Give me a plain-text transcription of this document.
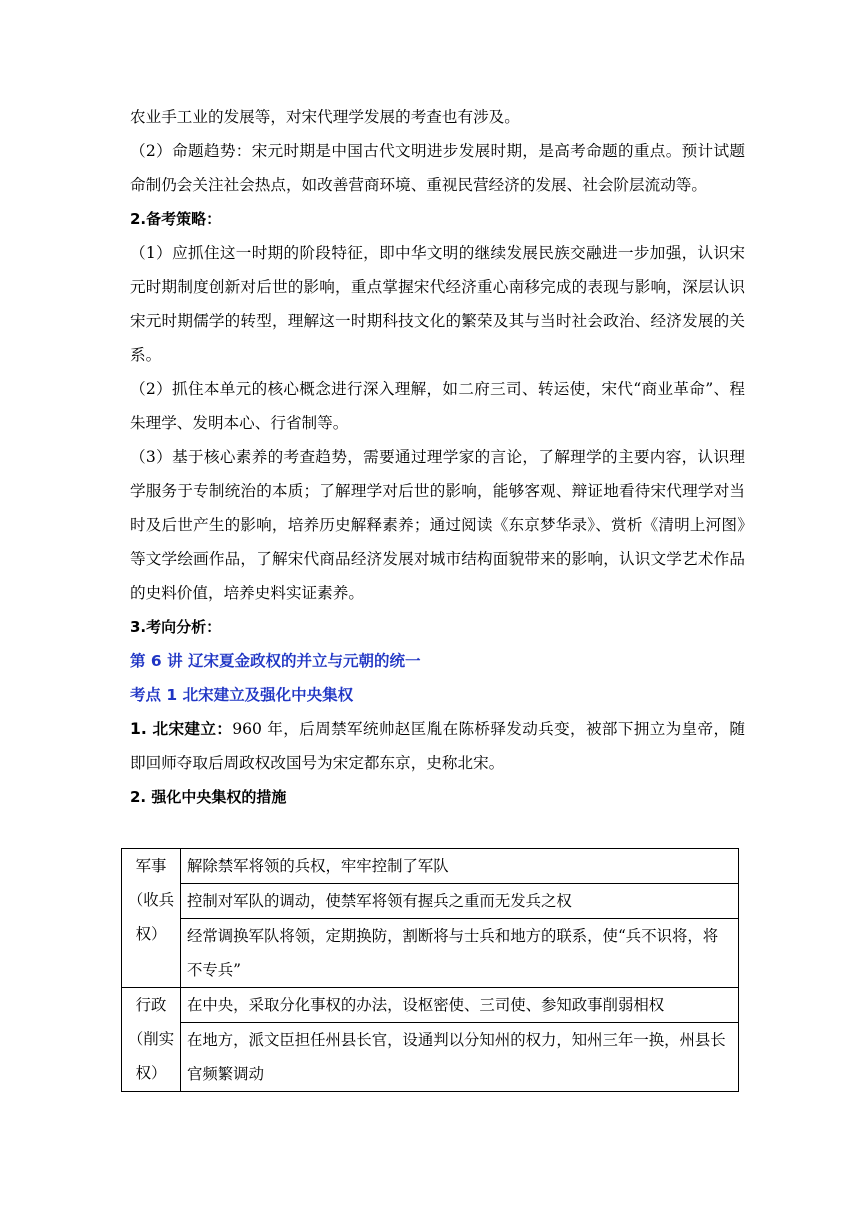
农业手工业的发展等，对宋代理学发展的考查也有涉及。

（2）命题趋势：宋元时期是中国古代文明进步发展时期，是高考命题的重点。预计试题命制仍会关注社会热点，如改善营商环境、重视民营经济的发展、社会阶层流动等。

2.备考策略：

（1）应抓住这一时期的阶段特征，即中华文明的继续发展民族交融进一步加强，认识宋元时期制度创新对后世的影响，重点掌握宋代经济重心南移完成的表现与影响，深层认识宋元时期儒学的转型，理解这一时期科技文化的繁荣及其与当时社会政治、经济发展的关系。

（2）抓住本单元的核心概念进行深入理解，如二府三司、转运使，宋代“商业革命”、程朱理学、发明本心、行省制等。

（3）基于核心素养的考查趋势，需要通过理学家的言论，了解理学的主要内容，认识理学服务于专制统治的本质；了解理学对后世的影响，能够客观、辩证地看待宋代理学对当时及后世产生的影响，培养历史解释素养；通过阅读《东京梦华录》、赏析《清明上河图》等文学绘画作品，了解宋代商品经济发展对城市结构面貌带来的影响，认识文学艺术作品的史料价值，培养史料实证素养。

3.考向分析：

第 6 讲 辽宋夏金政权的并立与元朝的统一

考点 1 北宋建立及强化中央集权

1. 北宋建立：960 年，后周禁军统帅赵匡胤在陈桥驿发动兵变，被部下拥立为皇帝，随即回师夺取后周政权改国号为宋定都东京，史称北宋。

2. 强化中央集权的措施

军事（收兵权）	解除禁军将领的兵权，牢牢控制了军队
	控制对军队的调动，使禁军将领有握兵之重而无发兵之权
	经常调换军队将领，定期换防，割断将与士兵和地方的联系，使“兵不识将，将不专兵”
行政（削实权）	在中央，采取分化事权的办法，设枢密使、三司使、参知政事削弱相权
	在地方，派文臣担任州县长官，设通判以分知州的权力，知州三年一换，州县长官频繁调动
